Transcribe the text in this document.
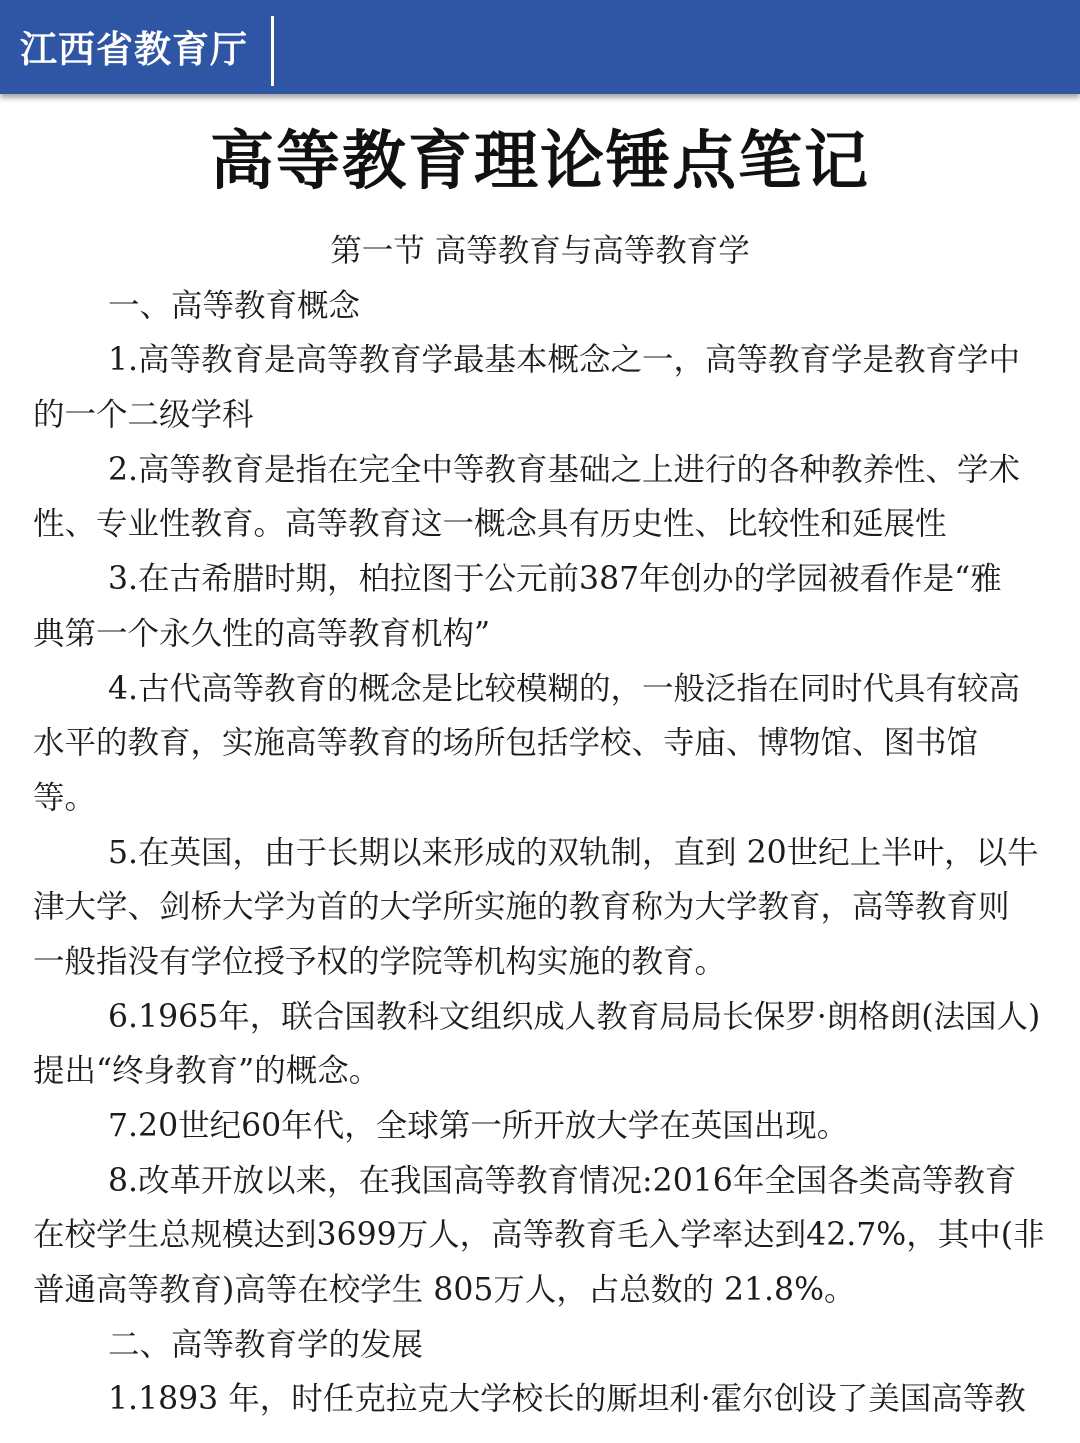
江西省教育厅
高等教育理论锤点笔记
第一节 高等教育与高等教育学
一、高等教育概念
1.高等教育是高等教育学最基本概念之一，高等教育学是教育学中
的一个二级学科
2.高等教育是指在完全中等教育基础之上进行的各种教养性、学术
性、专业性教育。高等教育这一概念具有历史性、比较性和延展性
3.在古希腊时期，柏拉图于公元前387年创办的学园被看作是“雅
典第一个永久性的高等教育机构”
4.古代高等教育的概念是比较模糊的，一般泛指在同时代具有较高
水平的教育，实施高等教育的场所包括学校、寺庙、博物馆、图书馆
等。
5.在英国，由于长期以来形成的双轨制，直到 20世纪上半叶，以牛
津大学、剑桥大学为首的大学所实施的教育称为大学教育，高等教育则
一般指没有学位授予权的学院等机构实施的教育。
6.1965年，联合国教科文组织成人教育局局长保罗·朗格朗(法国人)
提出“终身教育”的概念。
7.20世纪60年代，全球第一所开放大学在英国出现。
8.改革开放以来，在我国高等教育情况:2016年全国各类高等教育
在校学生总规模达到3699万人，高等教育毛入学率达到42.7%，其中(非
普通高等教育)高等在校学生 805万人，占总数的 21.8%。
二、高等教育学的发展
1.1893 年，时任克拉克大学校长的厮坦利·霍尔创设了美国高等教
